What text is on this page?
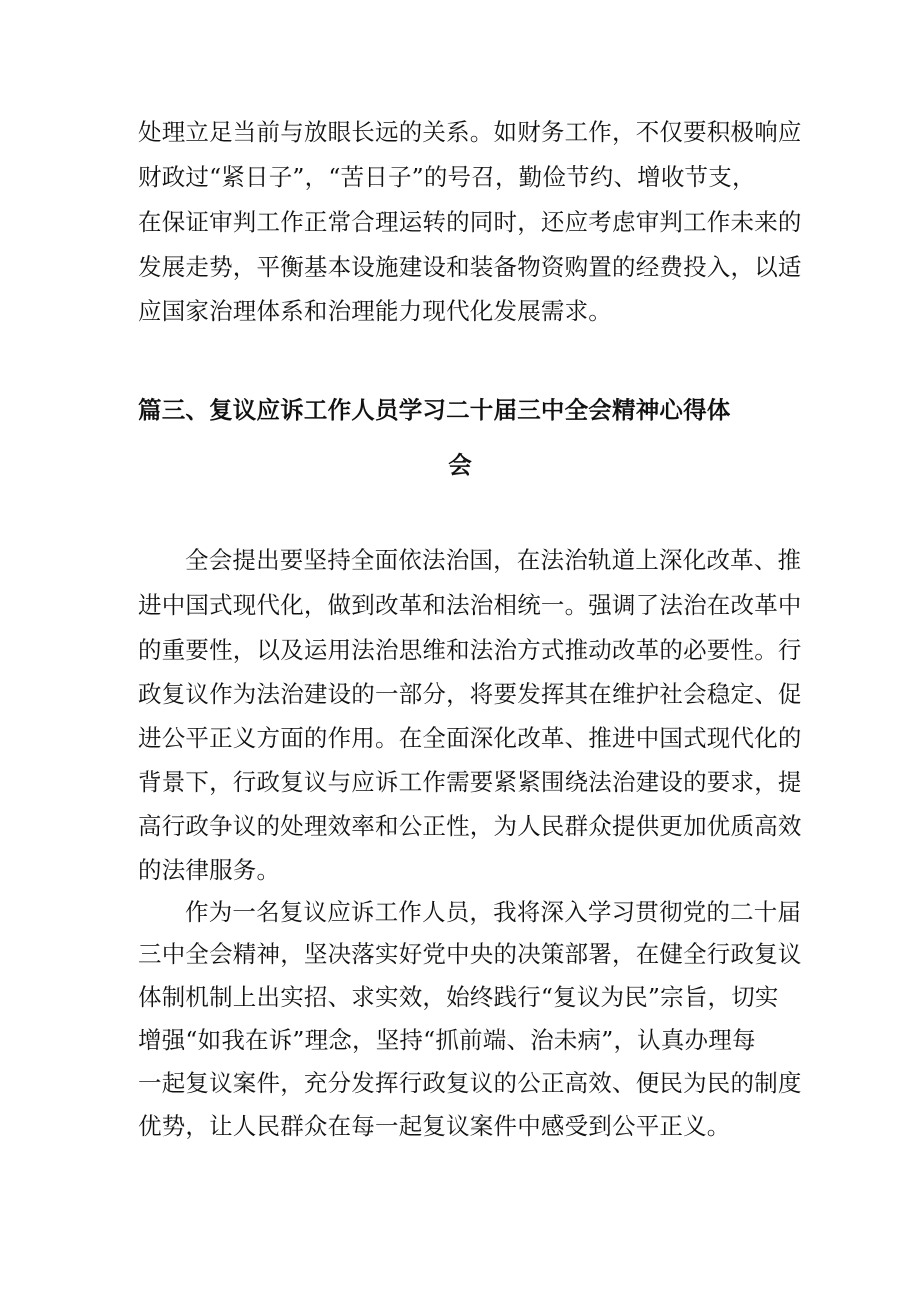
处理立足当前与放眼长远的关系。如财务工作，不仅要积极响应
财政过“紧日子”，“苦日子”的号召，勤俭节约、增收节支，
在保证审判工作正常合理运转的同时，还应考虑审判工作未来的
发展走势，平衡基本设施建设和装备物资购置的经费投入，以适
应国家治理体系和治理能力现代化发展需求。
篇三、复议应诉工作人员学习二十届三中全会精神心得体
会
全会提出要坚持全面依法治国，在法治轨道上深化改革、推
进中国式现代化，做到改革和法治相统一。强调了法治在改革中
的重要性，以及运用法治思维和法治方式推动改革的必要性。行
政复议作为法治建设的一部分，将要发挥其在维护社会稳定、促
进公平正义方面的作用。在全面深化改革、推进中国式现代化的
背景下，行政复议与应诉工作需要紧紧围绕法治建设的要求，提
高行政争议的处理效率和公正性，为人民群众提供更加优质高效
的法律服务。
作为一名复议应诉工作人员，我将深入学习贯彻党的二十届
三中全会精神，坚决落实好党中央的决策部署，在健全行政复议
体制机制上出实招、求实效，始终践行“复议为民”宗旨，切实
增强“如我在诉”理念，坚持“抓前端、治未病”，认真办理每
一起复议案件，充分发挥行政复议的公正高效、便民为民的制度
优势，让人民群众在每一起复议案件中感受到公平正义。
